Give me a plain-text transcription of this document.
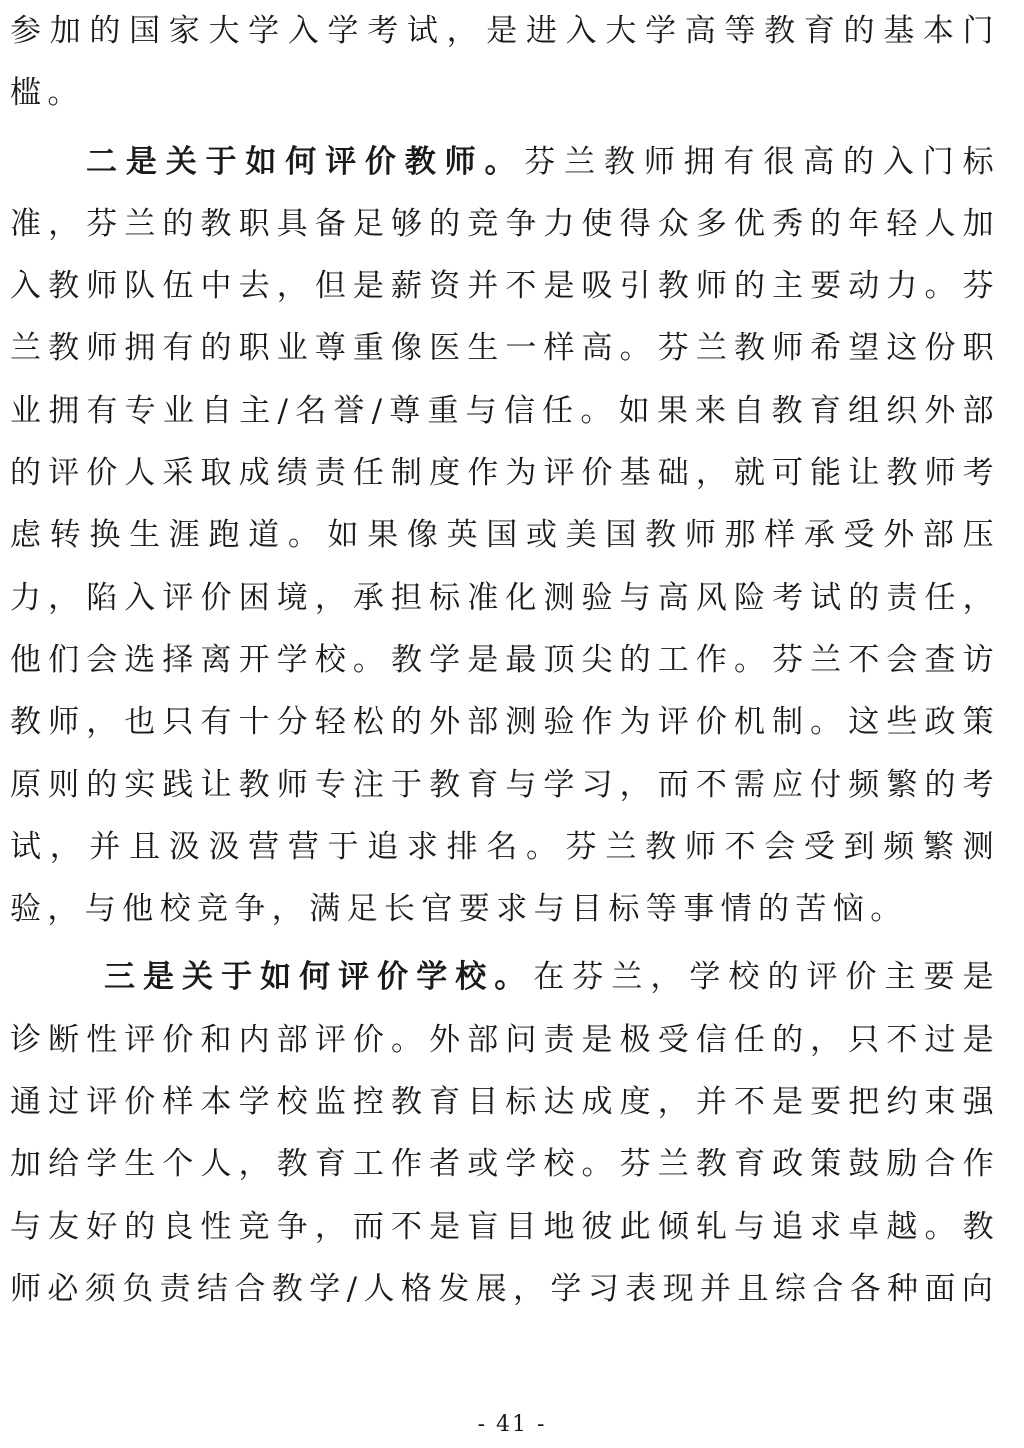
参加的国家大学入学考试，是进入大学高等教育的基本门槛。

二是关于如何评价教师。芬兰教师拥有很高的入门标准，芬兰的教职具备足够的竞争力使得众多优秀的年轻人加入教师队伍中去，但是薪资并不是吸引教师的主要动力。芬兰教师拥有的职业尊重像医生一样高。芬兰教师希望这份职业拥有专业自主/名誉/尊重与信任。如果来自教育组织外部的评价人采取成绩责任制度作为评价基础，就可能让教师考虑转换生涯跑道。如果像英国或美国教师那样承受外部压力，陷入评价困境，承担标准化测验与高风险考试的责任，他们会选择离开学校。教学是最顶尖的工作。芬兰不会查访教师，也只有十分轻松的外部测验作为评价机制。这些政策原则的实践让教师专注于教育与学习，而不需应付频繁的考试，并且汲汲营营于追求排名。芬兰教师不会受到频繁测验，与他校竞争，满足长官要求与目标等事情的苦恼。

三是关于如何评价学校。在芬兰，学校的评价主要是诊断性评价和内部评价。外部问责是极受信任的，只不过是通过评价样本学校监控教育目标达成度，并不是要把约束强加给学生个人，教育工作者或学校。芬兰教育政策鼓励合作与友好的良性竞争，而不是盲目地彼此倾轧与追求卓越。教师必须负责结合教学/人格发展，学习表现并且综合各种面向

- 41 -
